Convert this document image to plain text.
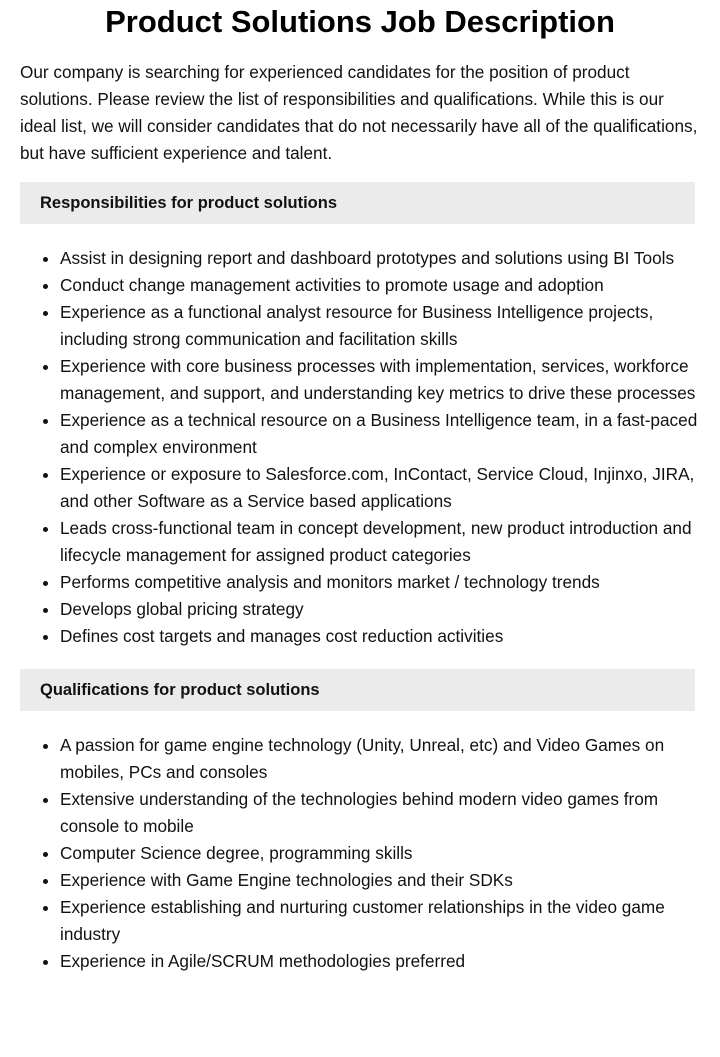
Product Solutions Job Description

Our company is searching for experienced candidates for the position of product solutions. Please review the list of responsibilities and qualifications. While this is our ideal list, we will consider candidates that do not necessarily have all of the qualifications, but have sufficient experience and talent.

Responsibilities for product solutions
• Assist in designing report and dashboard prototypes and solutions using BI Tools
• Conduct change management activities to promote usage and adoption
• Experience as a functional analyst resource for Business Intelligence projects, including strong communication and facilitation skills
• Experience with core business processes with implementation, services, workforce management, and support, and understanding key metrics to drive these processes
• Experience as a technical resource on a Business Intelligence team, in a fast-paced and complex environment
• Experience or exposure to Salesforce.com, InContact, Service Cloud, Injinxo, JIRA, and other Software as a Service based applications
• Leads cross-functional team in concept development, new product introduction and lifecycle management for assigned product categories
• Performs competitive analysis and monitors market / technology trends
• Develops global pricing strategy
• Defines cost targets and manages cost reduction activities
Qualifications for product solutions
• A passion for game engine technology (Unity, Unreal, etc) and Video Games on mobiles, PCs and consoles
• Extensive understanding of the technologies behind modern video games from console to mobile
• Computer Science degree, programming skills
• Experience with Game Engine technologies and their SDKs
• Experience establishing and nurturing customer relationships in the video game industry
• Experience in Agile/SCRUM methodologies preferred
